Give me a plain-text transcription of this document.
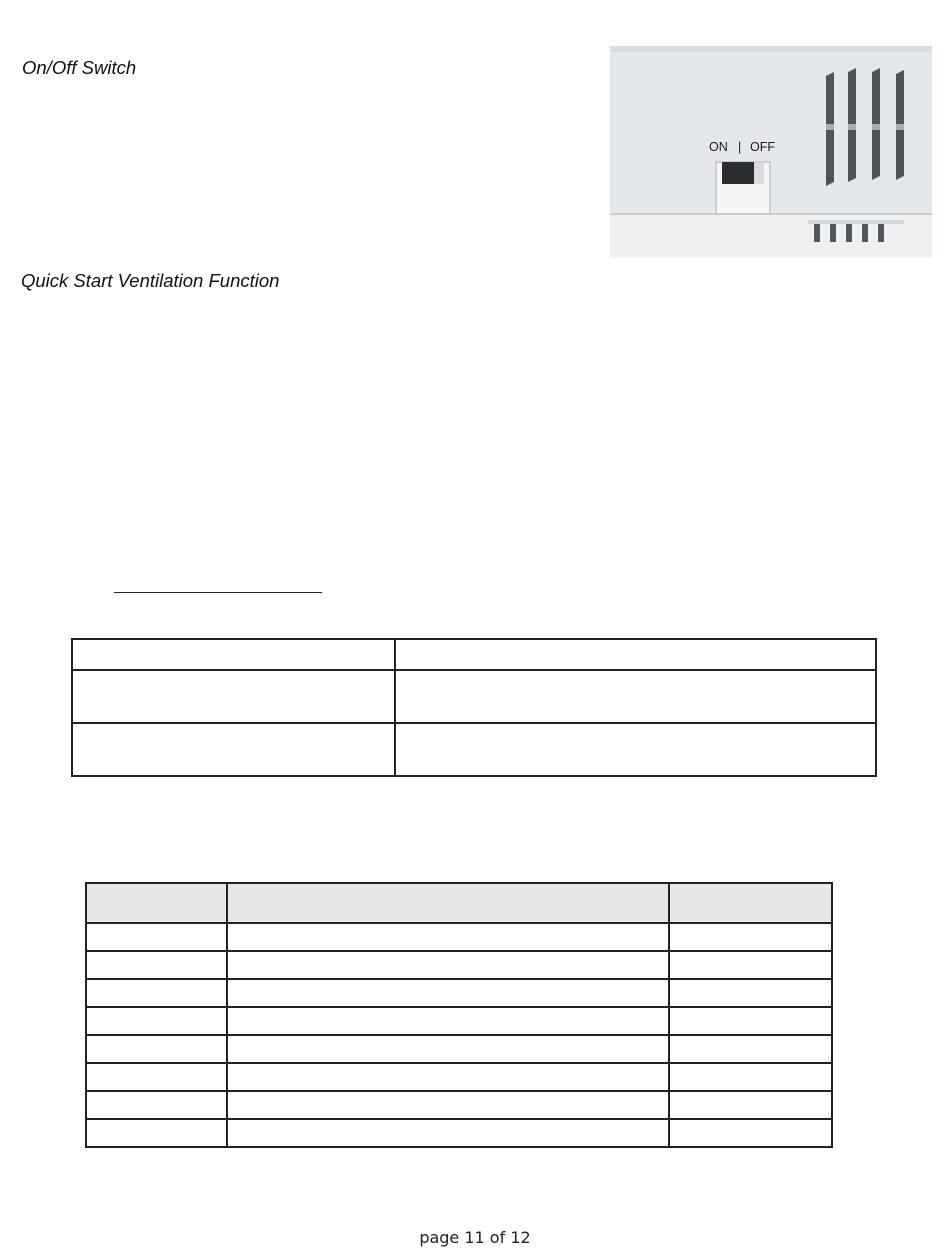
On/Off Switch
ON | OFF
Quick Start Ventilation Function

page 11 of 12
